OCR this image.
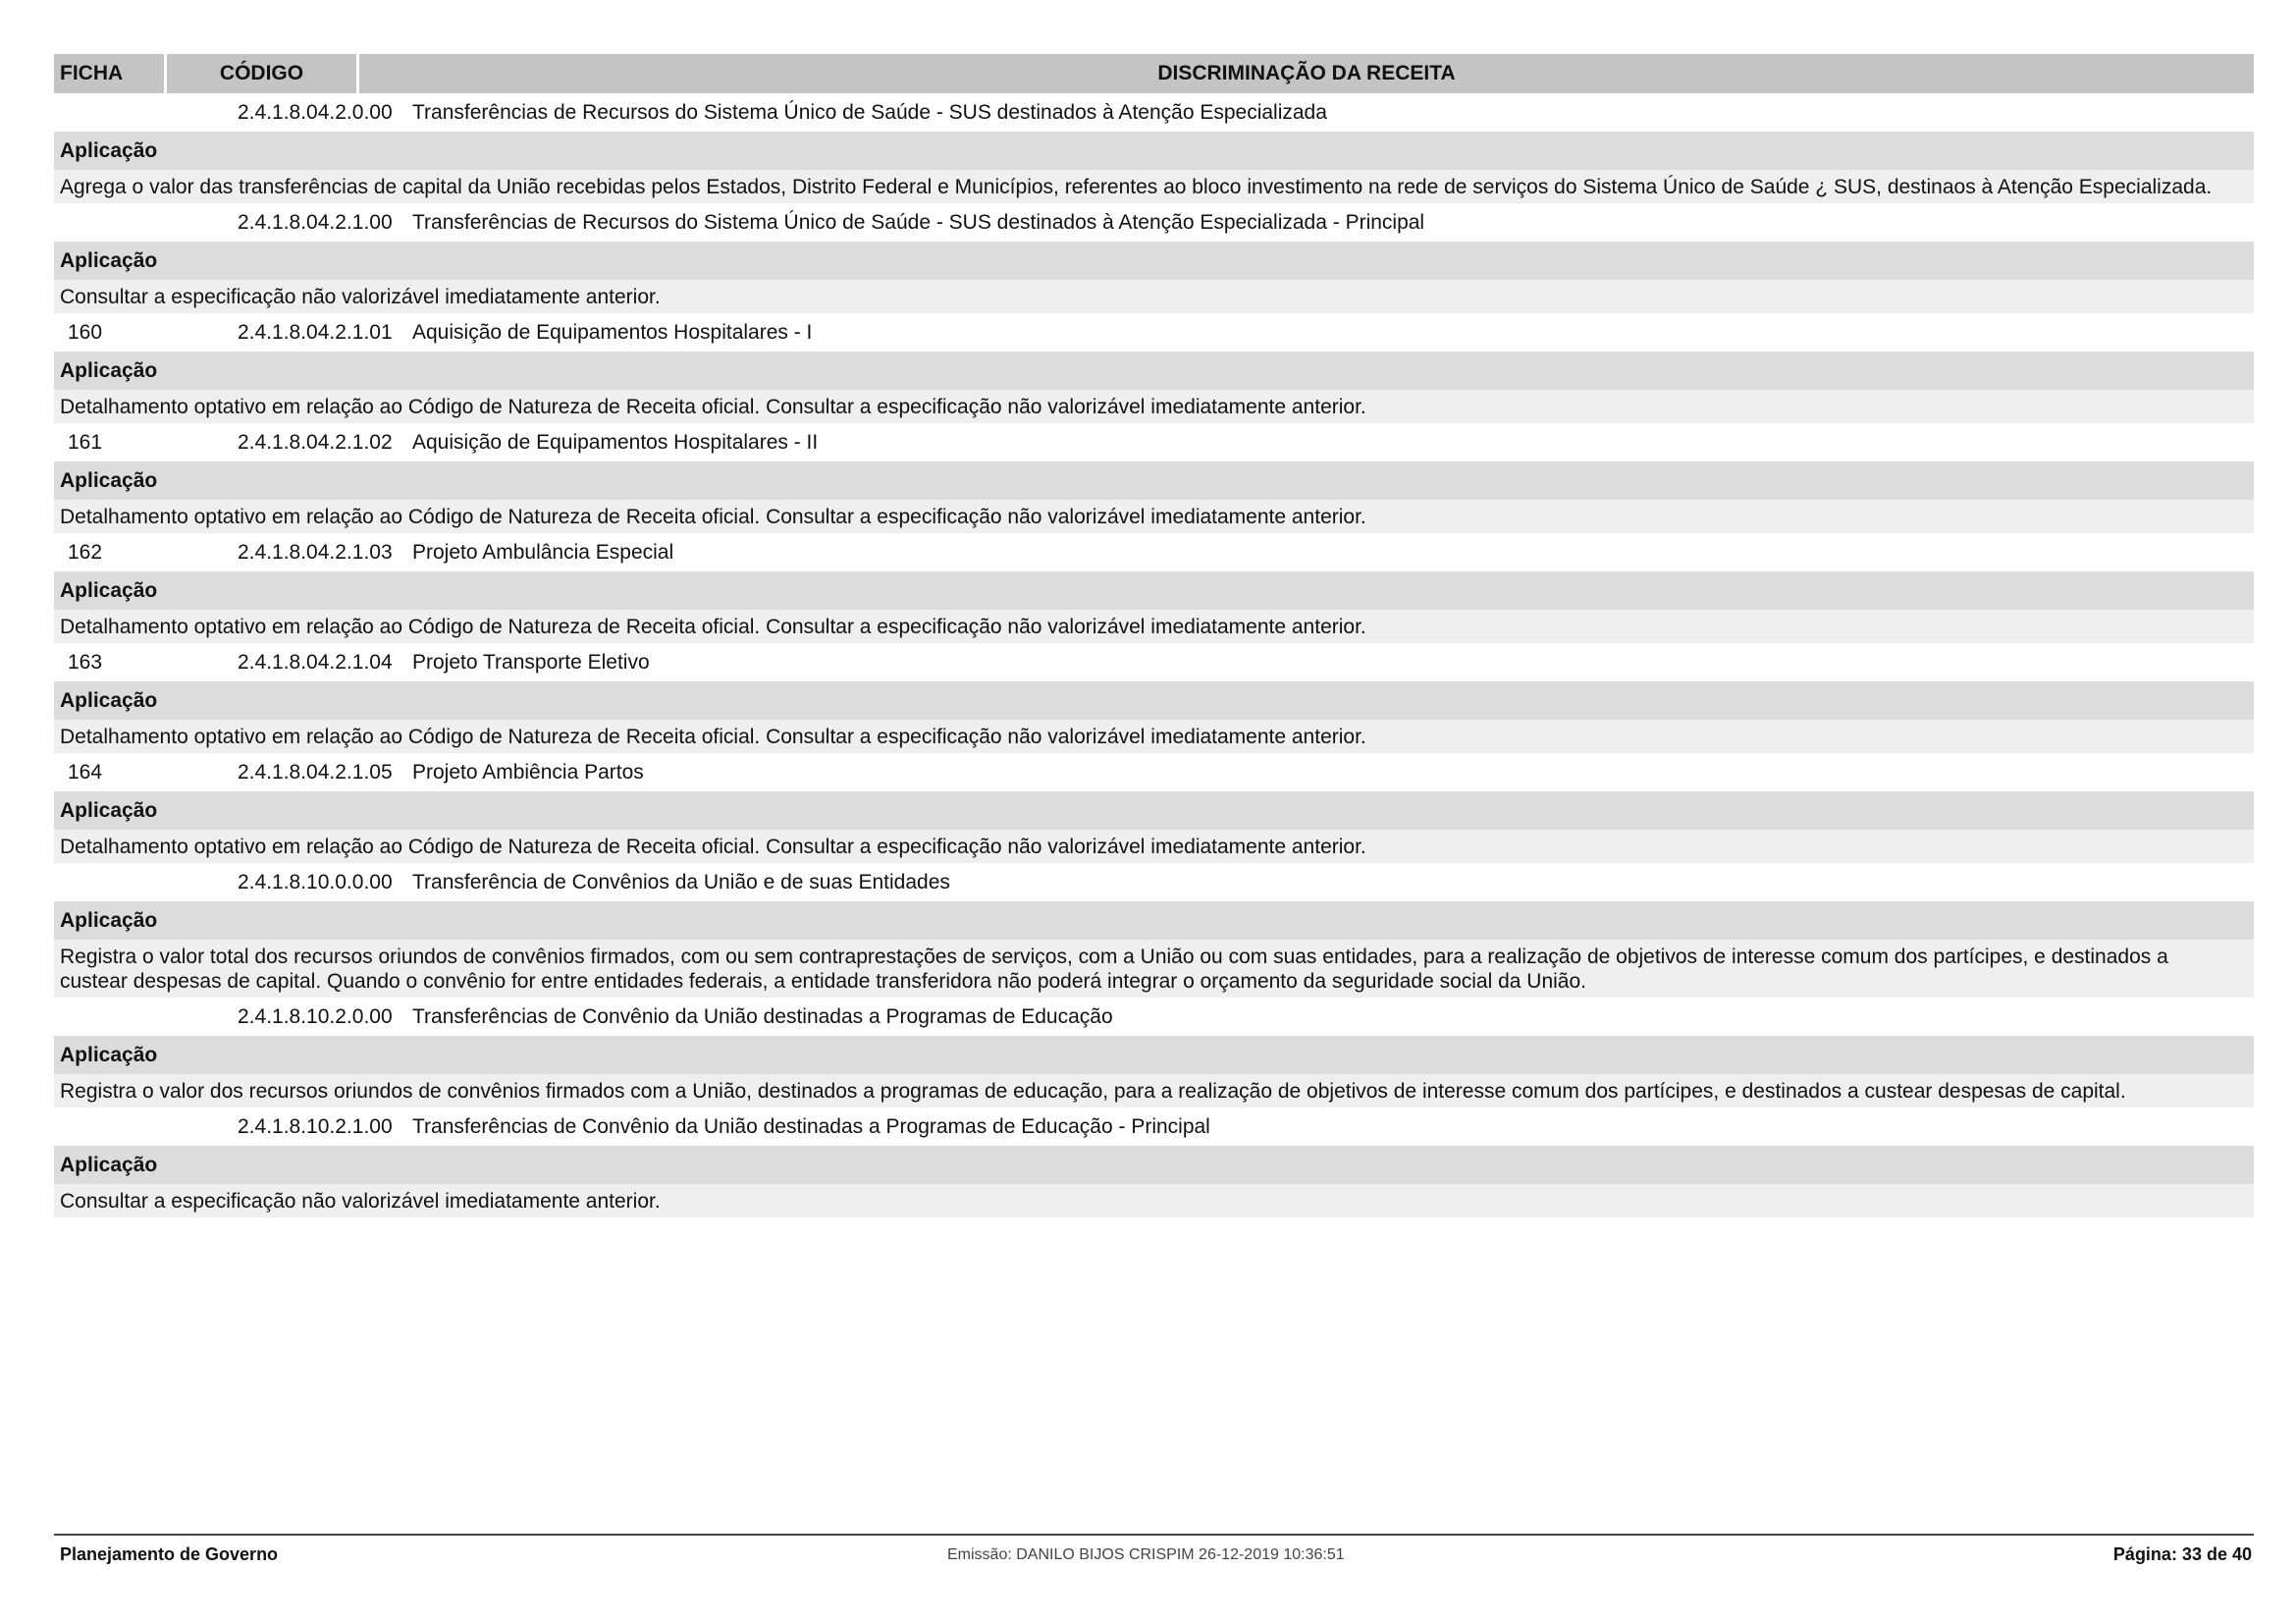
FICHA	CÓDIGO	DISCRIMINAÇÃO DA RECEITA
2.4.1.8.04.2.0.00 Transferências de Recursos do Sistema Único de Saúde - SUS destinados à Atenção Especializada
Aplicação
Agrega o valor das transferências de capital da União recebidas pelos Estados, Distrito Federal e Municípios, referentes ao bloco investimento na rede de serviços do Sistema Único de Saúde ¿ SUS, destinaos à Atenção Especializada.
2.4.1.8.04.2.1.00 Transferências de Recursos do Sistema Único de Saúde - SUS destinados à Atenção Especializada - Principal
Aplicação
Consultar a especificação não valorizável imediatamente anterior.
160	2.4.1.8.04.2.1.01 Aquisição de Equipamentos Hospitalares - I
Aplicação
Detalhamento optativo em relação ao Código de Natureza de Receita oficial. Consultar a especificação não valorizável imediatamente anterior.
161	2.4.1.8.04.2.1.02 Aquisição de Equipamentos Hospitalares - II
Aplicação
Detalhamento optativo em relação ao Código de Natureza de Receita oficial. Consultar a especificação não valorizável imediatamente anterior.
162	2.4.1.8.04.2.1.03 Projeto Ambulância Especial
Aplicação
Detalhamento optativo em relação ao Código de Natureza de Receita oficial. Consultar a especificação não valorizável imediatamente anterior.
163	2.4.1.8.04.2.1.04 Projeto Transporte Eletivo
Aplicação
Detalhamento optativo em relação ao Código de Natureza de Receita oficial. Consultar a especificação não valorizável imediatamente anterior.
164	2.4.1.8.04.2.1.05 Projeto Ambiência Partos
Aplicação
Detalhamento optativo em relação ao Código de Natureza de Receita oficial. Consultar a especificação não valorizável imediatamente anterior.
2.4.1.8.10.0.0.00 Transferência de Convênios da União e de suas Entidades
Aplicação
Registra o valor total dos recursos oriundos de convênios firmados, com ou sem contraprestações de serviços, com a União ou com suas entidades, para a realização de objetivos de interesse comum dos partícipes, e destinados a custear despesas de capital. Quando o convênio for entre entidades federais, a entidade transferidora não poderá integrar o orçamento da seguridade social da União.
2.4.1.8.10.2.0.00 Transferências de Convênio da União destinadas a Programas de Educação
Aplicação
Registra o valor dos recursos oriundos de convênios firmados com a União, destinados a programas de educação, para a realização de objetivos de interesse comum dos partícipes, e destinados a custear despesas de capital.
2.4.1.8.10.2.1.00 Transferências de Convênio da União destinadas a Programas de Educação - Principal
Aplicação
Consultar a especificação não valorizável imediatamente anterior.
Planejamento de Governo	Emissão: DANILO BIJOS CRISPIM 26-12-2019 10:36:51	Página: 33 de 40
